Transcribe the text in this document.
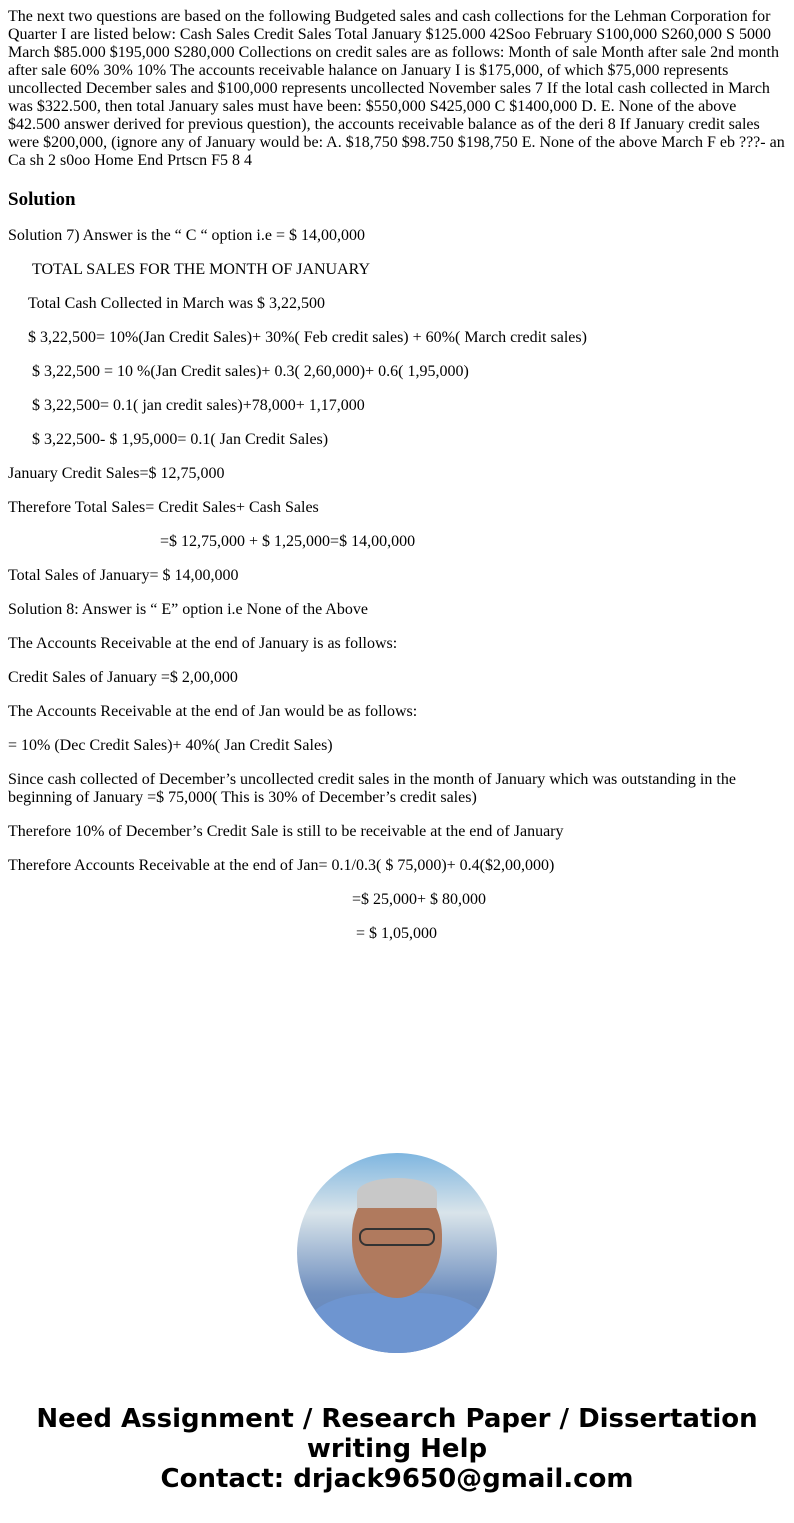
The next two questions are based on the following Budgeted sales and cash collections for the Lehman Corporation for Quarter I are listed below: Cash Sales Credit Sales Total January $125.000 42Soo February S100,000 S260,000 S 5000 March $85.000 $195,000 S280,000 Collections on credit sales are as follows: Month of sale Month after sale 2nd month after sale 60% 30% 10% The accounts receivable halance on January I is $175,000, of which $75,000 represents uncollected December sales and $100,000 represents uncollected November sales 7 If the lotal cash collected in March was $322.500, then total January sales must have been: $550,000 S425,000 C $1400,000 D. E. None of the above $42.500 answer derived for previous question), the accounts receivable balance as of the deri 8 If January credit sales were $200,000, (ignore any of January would be: A. $18,750 $98.750 $198,750 E. None of the above March F eb ???- an Ca sh 2 s0oo Home End Prtscn F5 8 4

Solution

Solution 7) Answer is the “ C “ option i.e = $ 14,00,000

TOTAL SALES FOR THE MONTH OF JANUARY

Total Cash Collected in March was $ 3,22,500

$ 3,22,500= 10%(Jan Credit Sales)+ 30%( Feb credit sales) + 60%( March credit sales)

$ 3,22,500 = 10 %(Jan Credit sales)+ 0.3( 2,60,000)+ 0.6( 1,95,000)

$ 3,22,500= 0.1( jan credit sales)+78,000+ 1,17,000

$ 3,22,500- $ 1,95,000= 0.1( Jan Credit Sales)

January Credit Sales=$ 12,75,000

Therefore Total Sales= Credit Sales+ Cash Sales

=$ 12,75,000 + $ 1,25,000=$ 14,00,000

Total Sales of January= $ 14,00,000

Solution 8: Answer is “ E” option i.e None of the Above

The Accounts Receivable at the end of January is as follows:

Credit Sales of January =$ 2,00,000

The Accounts Receivable at the end of Jan would be as follows:

= 10% (Dec Credit Sales)+ 40%( Jan Credit Sales)

Since cash collected of December’s uncollected credit sales in the month of January which was outstanding in the beginning of January =$ 75,000( This is 30% of December’s credit sales)

Therefore 10% of December’s Credit Sale is still to be receivable at the end of January

Therefore Accounts Receivable at the end of Jan= 0.1/0.3( $ 75,000)+ 0.4($2,00,000)

=$ 25,000+ $ 80,000

= $ 1,05,000

Need Assignment / Research Paper / Dissertation writing Help
Contact: drjack9650@gmail.com
